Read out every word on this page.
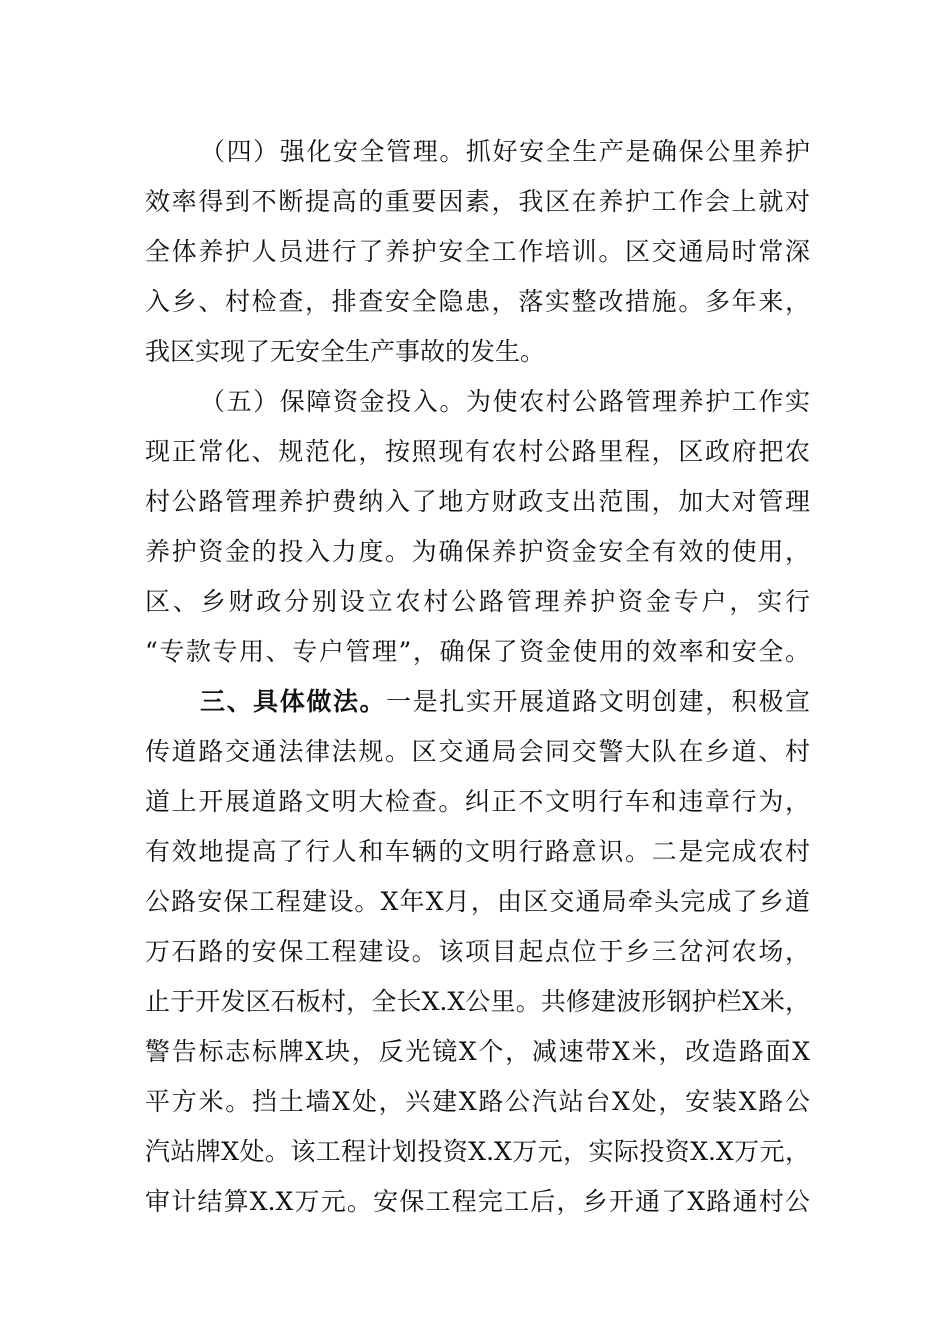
（四）强化安全管理。抓好安全生产是确保公里养护
效率得到不断提高的重要因素，我区在养护工作会上就对
全体养护人员进行了养护安全工作培训。区交通局时常深
入乡、村检查，排查安全隐患，落实整改措施。多年来，
我区实现了无安全生产事故的发生。
（五）保障资金投入。为使农村公路管理养护工作实
现正常化、规范化，按照现有农村公路里程，区政府把农
村公路管理养护费纳入了地方财政支出范围，加大对管理
养护资金的投入力度。为确保养护资金安全有效的使用，
区、乡财政分别设立农村公路管理养护资金专户，实行
“专款专用、专户管理”，确保了资金使用的效率和安全。
三、具体做法。一是扎实开展道路文明创建，积极宣
传道路交通法律法规。区交通局会同交警大队在乡道、村
道上开展道路文明大检查。纠正不文明行车和违章行为，
有效地提高了行人和车辆的文明行路意识。二是完成农村
公路安保工程建设。X年X月，由区交通局牵头完成了乡道
万石路的安保工程建设。该项目起点位于乡三岔河农场，
止于开发区石板村，全长X.X公里。共修建波形钢护栏X米，
警告标志标牌X块，反光镜X个，减速带X米，改造路面X
平方米。挡土墙X处，兴建X路公汽站台X处，安装X路公
汽站牌X处。该工程计划投资X.X万元，实际投资X.X万元，
审计结算X.X万元。安保工程完工后，乡开通了X路通村公
